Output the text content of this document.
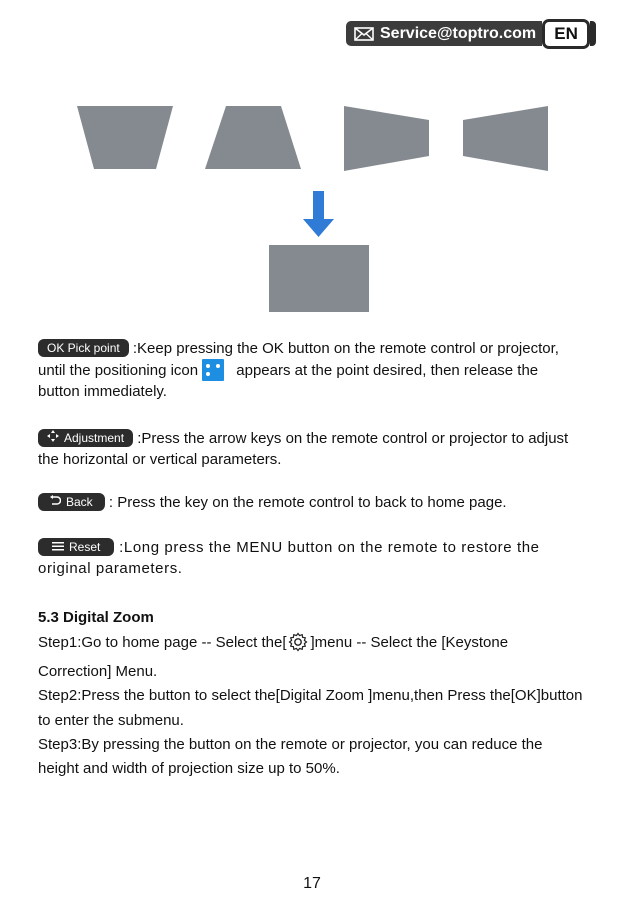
Service@toptro.com	EN

OK Pick point :Keep pressing the OK button on the remote control or projector, until the positioning icon
appears at the point desired, then release the button immediately.

Adjustment :Press the arrow keys on the remote control or projector to adjust the horizontal or vertical parameters.

Back : Press the key on the remote control to back to home page.

Reset :Long press the MENU button on the remote to restore the original parameters.

5.3 Digital Zoom

Step1:Go to home page -- Select the[ ]menu -- Select the [Keystone Correction] Menu.

Step2:Press the button to select the[Digital Zoom ]menu,then Press the[OK]button to enter the submenu.

Step3:By pressing the button on the remote or projector, you can reduce the height and width of projection size up to 50%.

17
